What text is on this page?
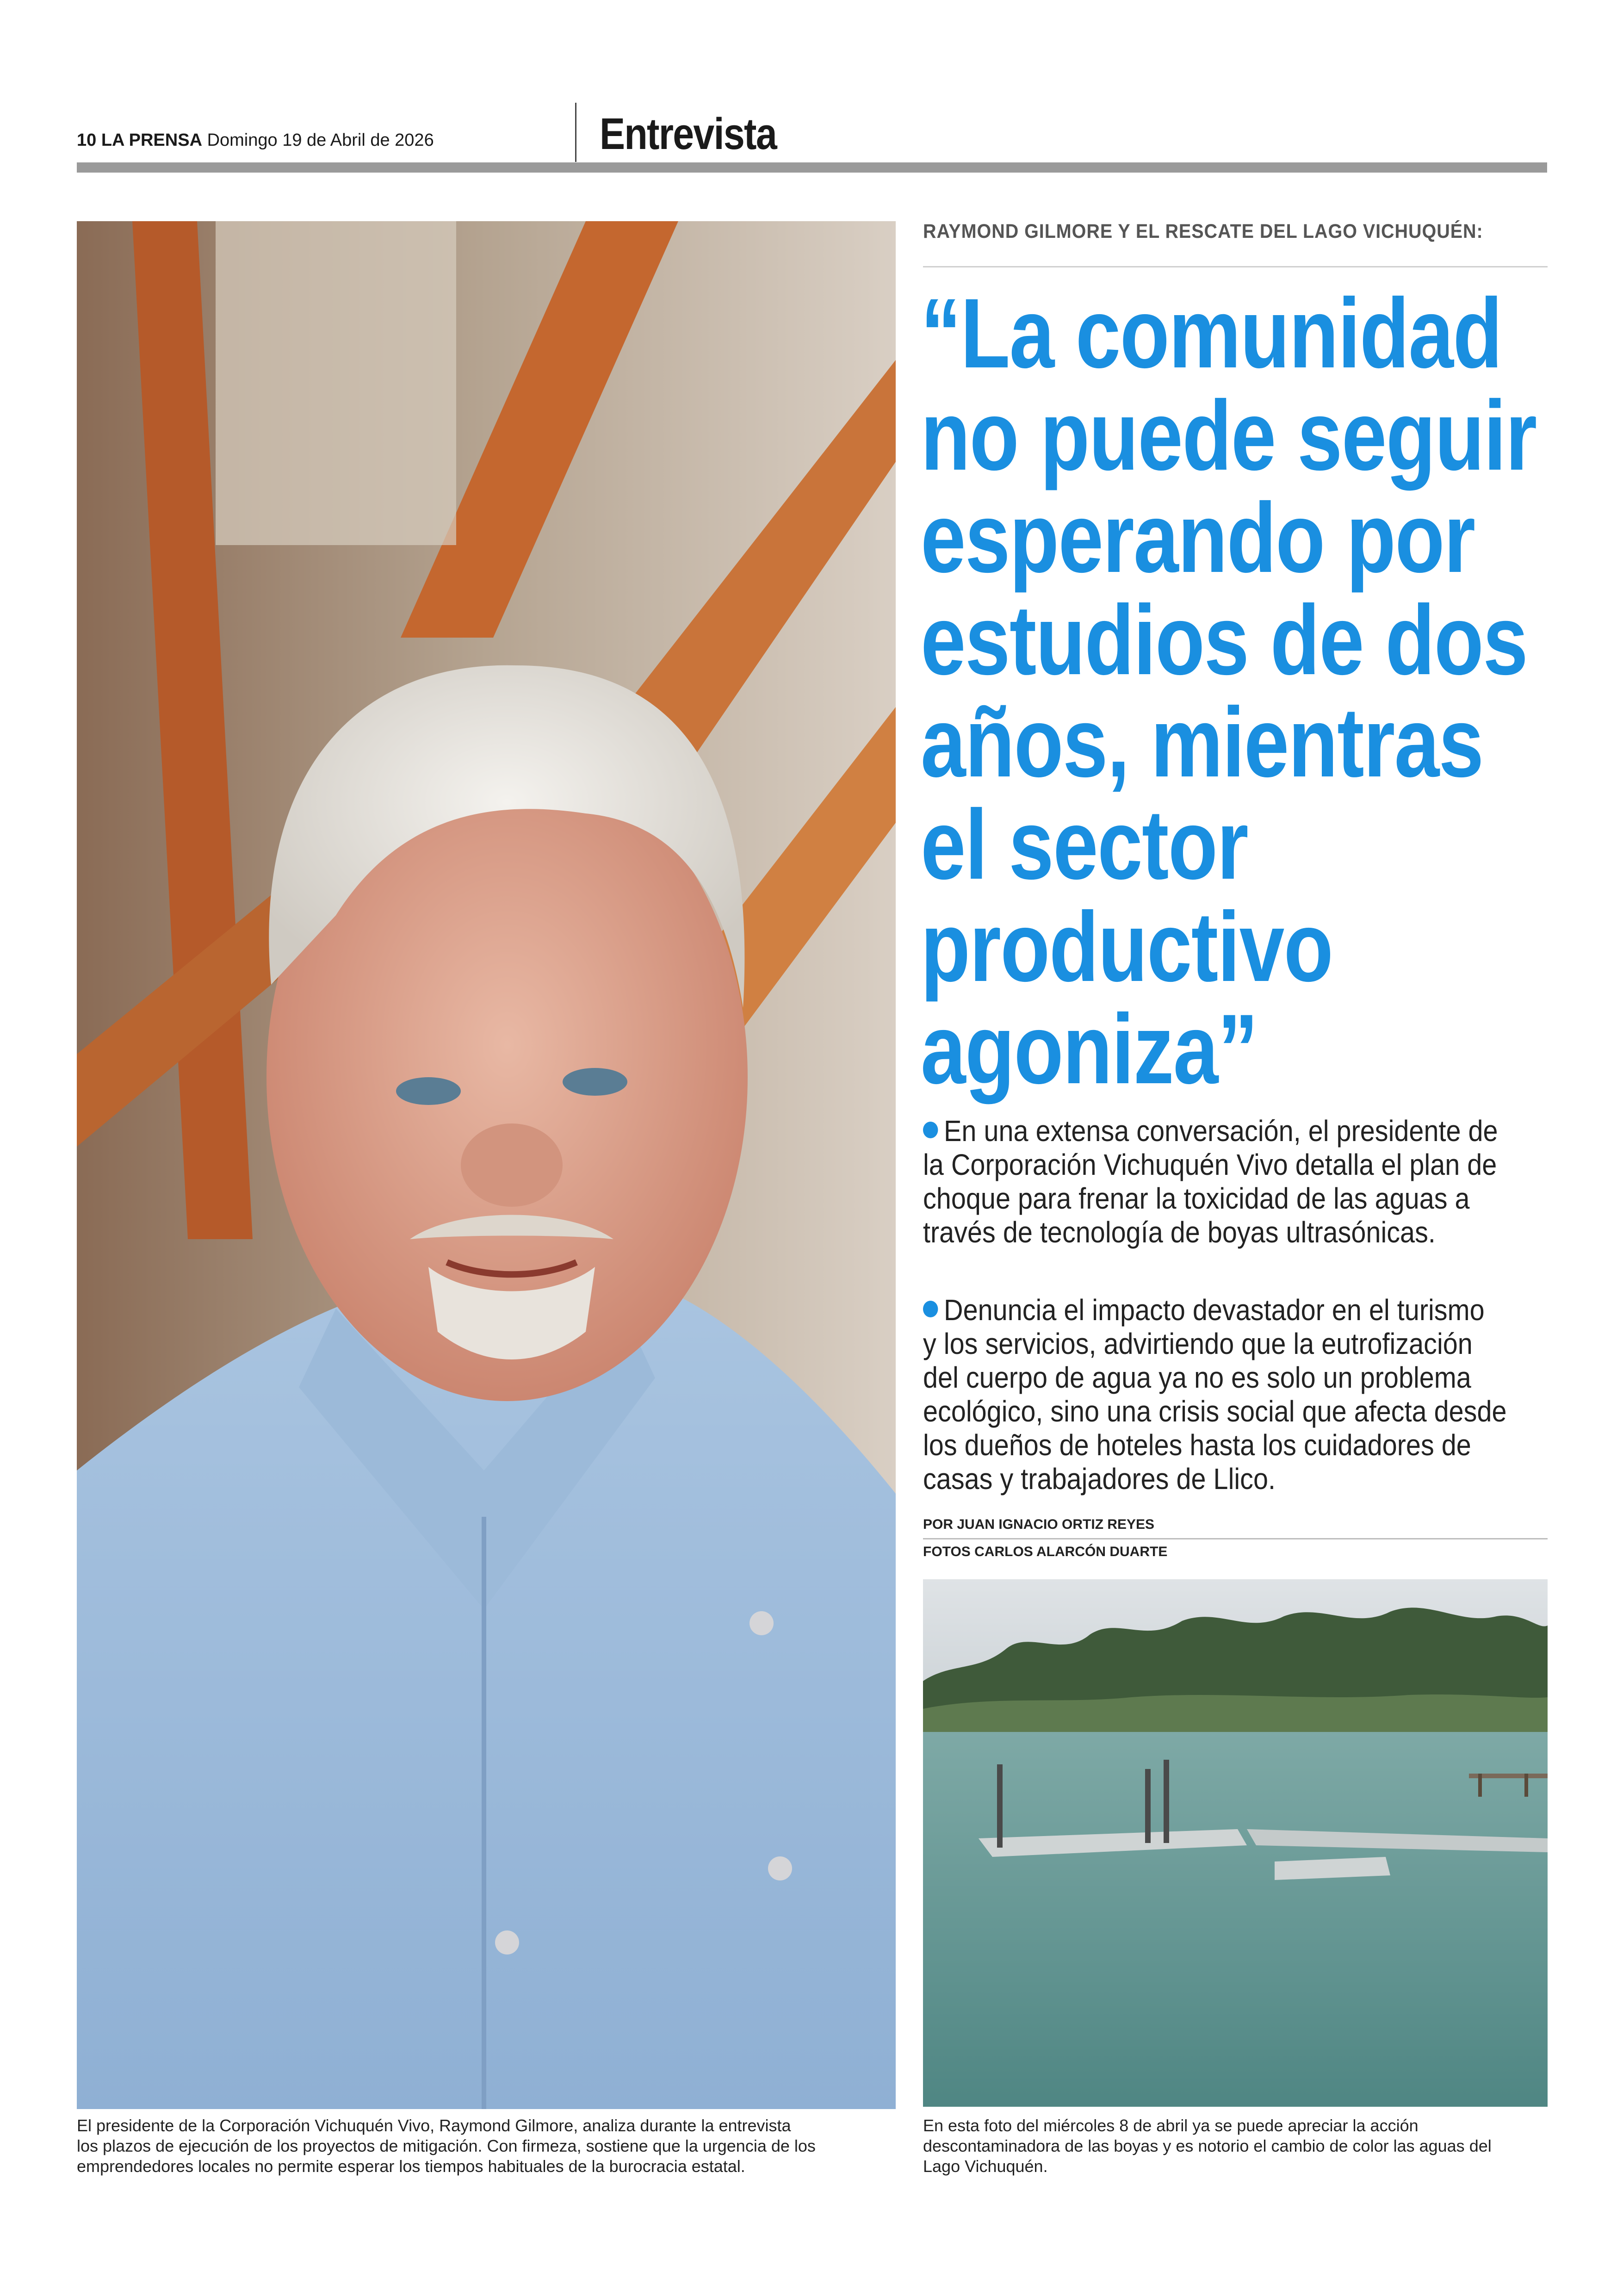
10 LA PRENSA Domingo 19 de Abril de 2026	Entrevista
RAYMOND GILMORE Y EL RESCATE DEL LAGO VICHUQUÉN:
“La comunidad
no puede seguir
esperando por
estudios de dos
años, mientras
el sector
productivo
agoniza”
En una extensa conversación, el presidente de
la Corporación Vichuquén Vivo detalla el plan de
choque para frenar la toxicidad de las aguas a
través de tecnología de boyas ultrasónicas.
Denuncia el impacto devastador en el turismo
y los servicios, advirtiendo que la eutrofización
del cuerpo de agua ya no es solo un problema
ecológico, sino una crisis social que afecta desde
los dueños de hoteles hasta los cuidadores de
casas y trabajadores de Llico.
POR JUAN IGNACIO ORTIZ REYES
FOTOS CARLOS ALARCÓN DUARTE
El presidente de la Corporación Vichuquén Vivo, Raymond Gilmore, analiza durante la entrevista
los plazos de ejecución de los proyectos de mitigación. Con firmeza, sostiene que la urgencia de los
emprendedores locales no permite esperar los tiempos habituales de la burocracia estatal.
En esta foto del miércoles 8 de abril ya se puede apreciar la acción
descontaminadora de las boyas y es notorio el cambio de color las aguas del
Lago Vichuquén.
